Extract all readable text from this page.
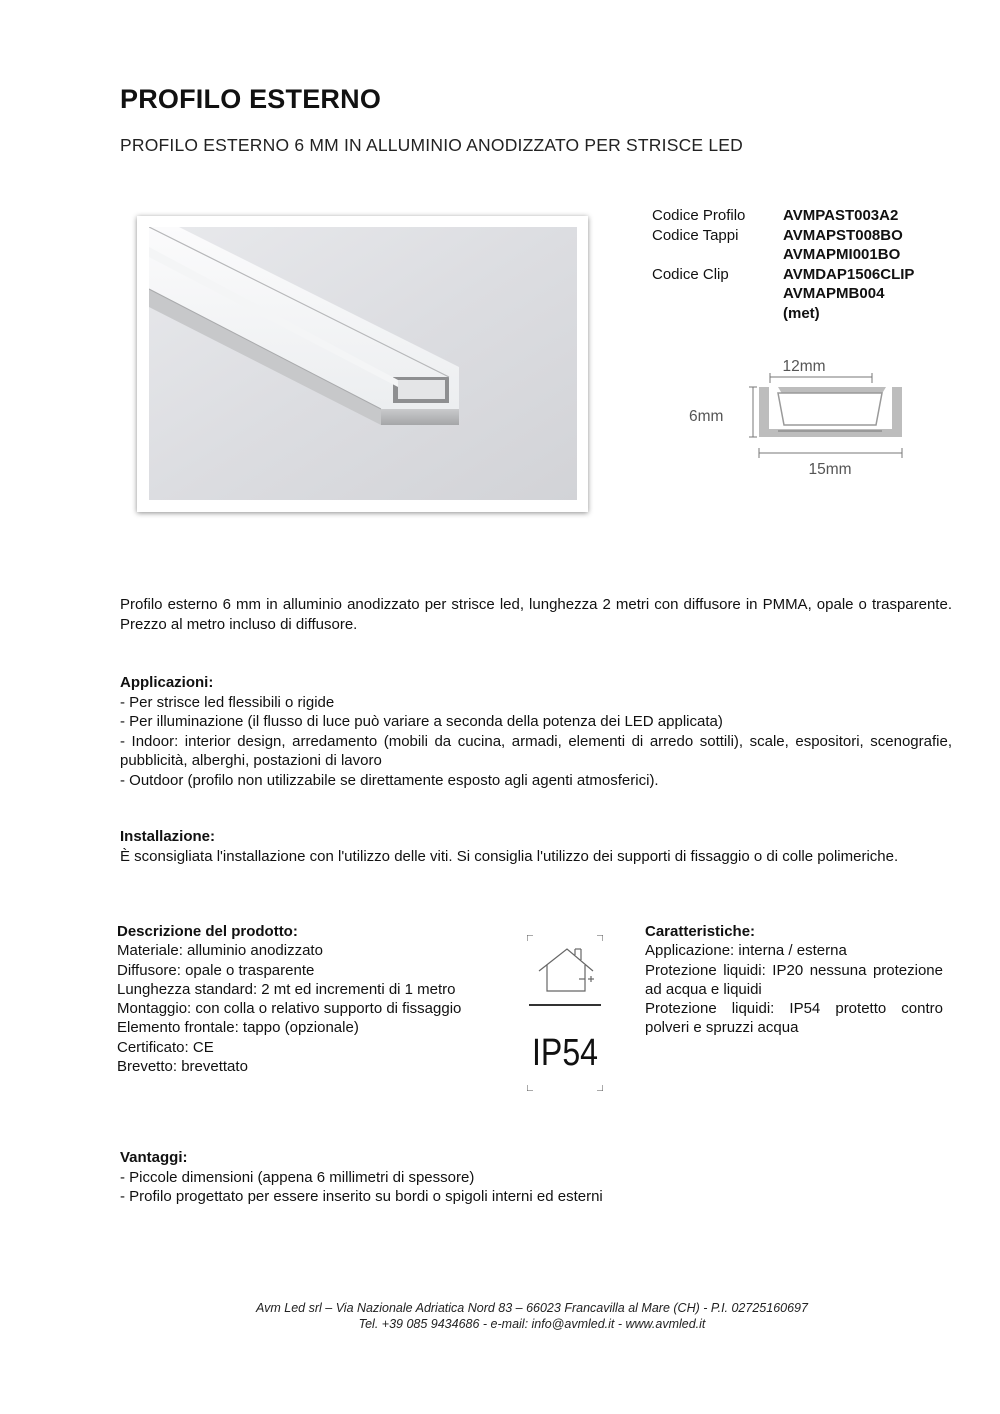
PROFILO ESTERNO
PROFILO ESTERNO 6 MM IN ALLUMINIO ANODIZZATO PER STRISCE LED
Codice Profilo	AVMPAST003A2
Codice Tappi	AVMAPST008BO
AVMAPMI001BO
Codice Clip	AVMDAP1506CLIP
AVMAPMB004
(met)
12mm
6mm
15mm
Profilo esterno 6 mm in alluminio anodizzato per strisce led, lunghezza 2 metri con diffusore in PMMA, opale o trasparente. Prezzo al metro incluso di diffusore.
Applicazioni:
- Per strisce led flessibili o rigide
- Per illuminazione (il flusso di luce può variare a seconda della potenza dei LED applicata)
- Indoor: interior design, arredamento (mobili da cucina, armadi, elementi di arredo sottili), scale, espositori, scenografie, pubblicità, alberghi, postazioni di lavoro
- Outdoor (profilo non utilizzabile se direttamente esposto agli agenti atmosferici).
Installazione:
È sconsigliata l'installazione con l'utilizzo delle viti. Si consiglia l'utilizzo dei supporti di fissaggio o di colle polimeriche.
Descrizione del prodotto:
Materiale: alluminio anodizzato
Diffusore: opale o trasparente
Lunghezza standard: 2 mt ed incrementi di 1 metro
Montaggio: con colla o relativo supporto di fissaggio
Elemento frontale: tappo (opzionale)
Certificato: CE
Brevetto: brevettato	IP54
Caratteristiche:
Applicazione: interna / esterna
Protezione liquidi: IP20 nessuna protezione ad acqua e liquidi
Protezione liquidi: IP54 protetto contro polveri e spruzzi acqua
Vantaggi:
- Piccole dimensioni (appena 6 millimetri di spessore)
- Profilo progettato per essere inserito su bordi o spigoli interni ed esterni
Avm Led srl – Via Nazionale Adriatica Nord 83 – 66023 Francavilla al Mare (CH) - P.I. 02725160697
Tel. +39 085 9434686 - e-mail: info@avmled.it - www.avmled.it
